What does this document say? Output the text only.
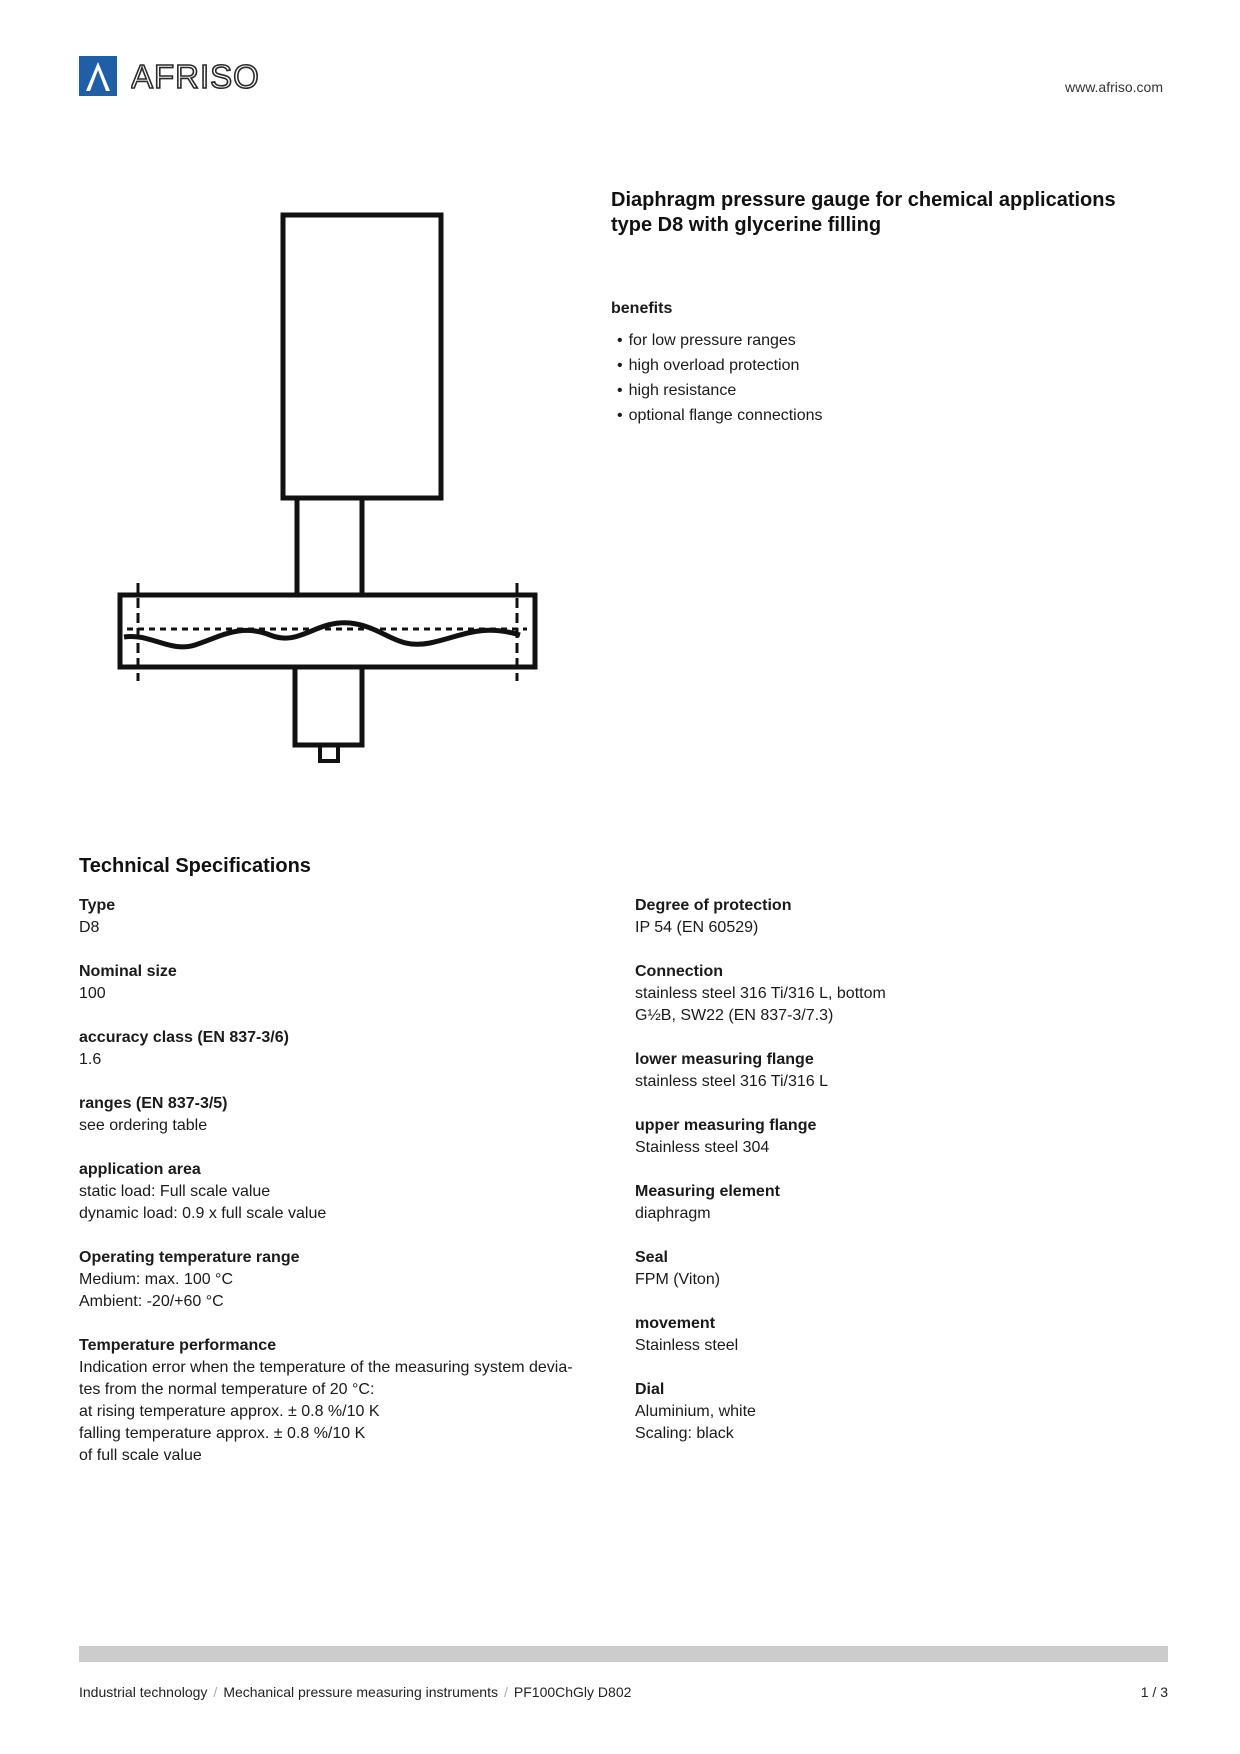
AFRISO	www.afriso.com
Diaphragm pressure gauge for chemical applications
type D8 with glycerine filling
benefits
• for low pressure ranges
• high overload protection
• high resistance
• optional flange connections
Technical Specifications
Type
D8
Nominal size
100
accuracy class (EN 837-3/6)
1.6
ranges (EN 837-3/5)
see ordering table
application area
static load: Full scale value
dynamic load: 0.9 x full scale value
Operating temperature range
Medium: max. 100 °C
Ambient: -20/+60 °C
Temperature performance
Indication error when the temperature of the measuring system devia-
tes from the normal temperature of 20 °C:
at rising temperature approx. ± 0.8 %/10 K
falling temperature approx. ± 0.8 %/10 K
of full scale value
Degree of protection
IP 54 (EN 60529)
Connection
stainless steel 316 Ti/316 L, bottom
G½B, SW22 (EN 837-3/7.3)
lower measuring flange
stainless steel 316 Ti/316 L
upper measuring flange
Stainless steel 304
Measuring element
diaphragm
Seal
FPM (Viton)
movement
Stainless steel
Dial
Aluminium, white
Scaling: black
Industrial technology / Mechanical pressure measuring instruments / PF100ChGly D802	1 / 3
